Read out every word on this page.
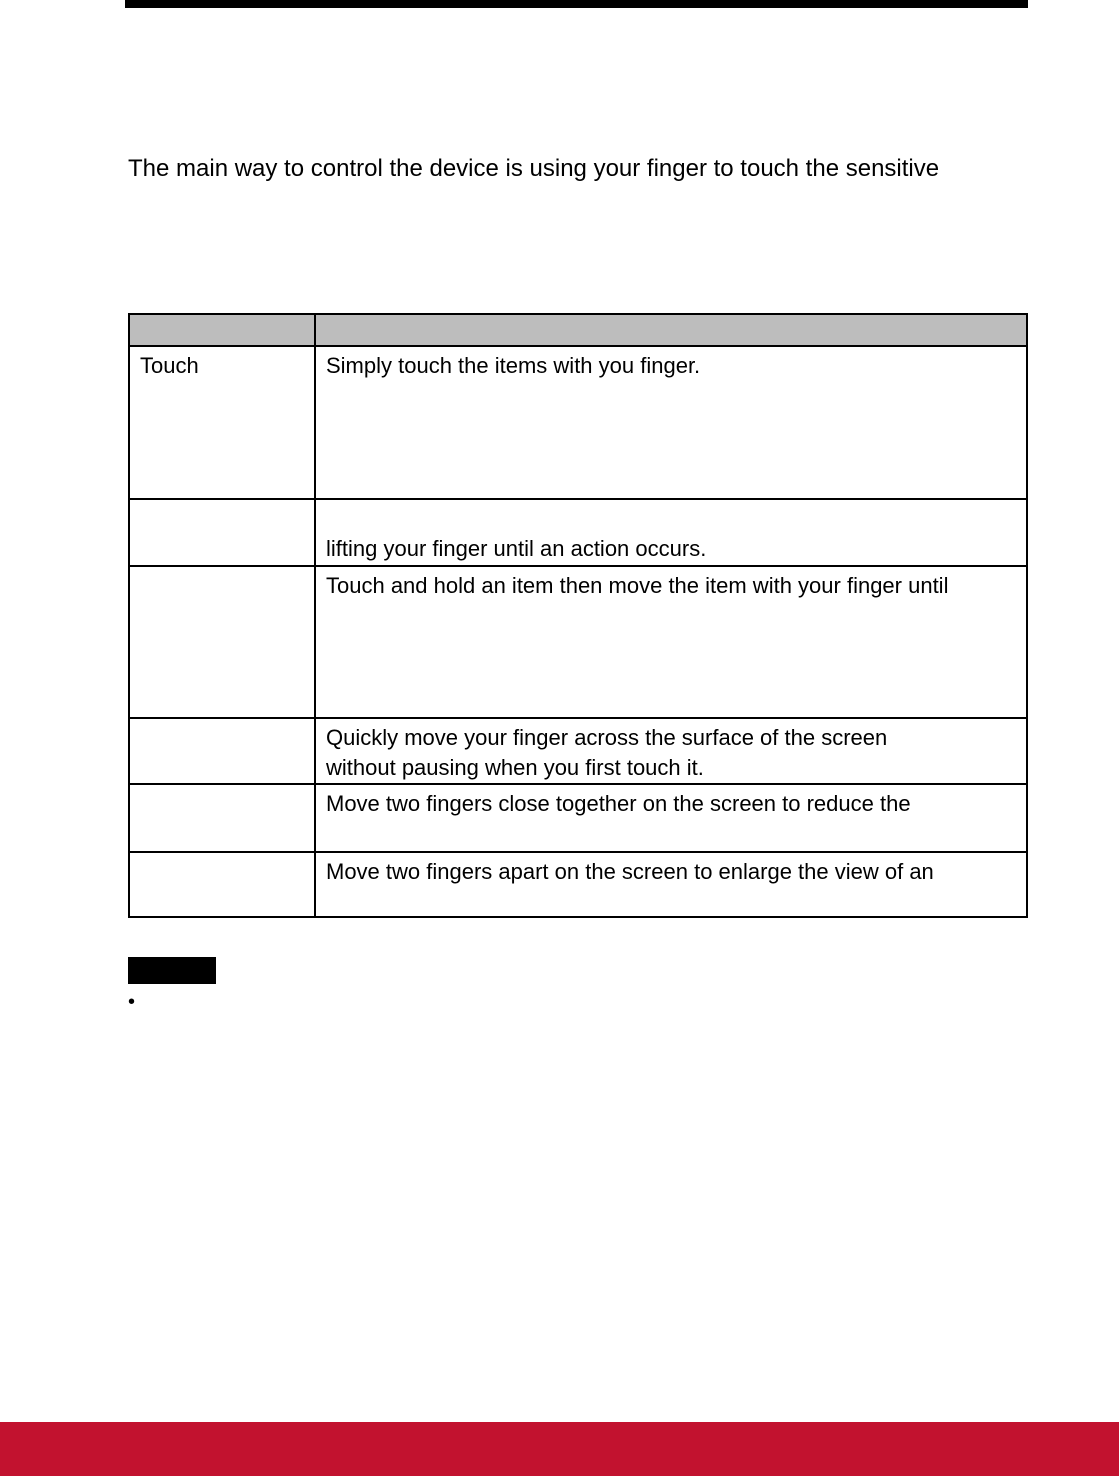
The main way to control the device is using your finger to touch the sensitive

Touch	Simply touch the items with you finger.

	lifting your finger until an action occurs.

	Touch and hold an item then move the item with your finger until

	Quickly move your finger across the surface of the screen
without pausing when you first touch it.

	Move two fingers close together on the screen to reduce the
	Move two fingers apart on the screen to enlarge the view of an
•
